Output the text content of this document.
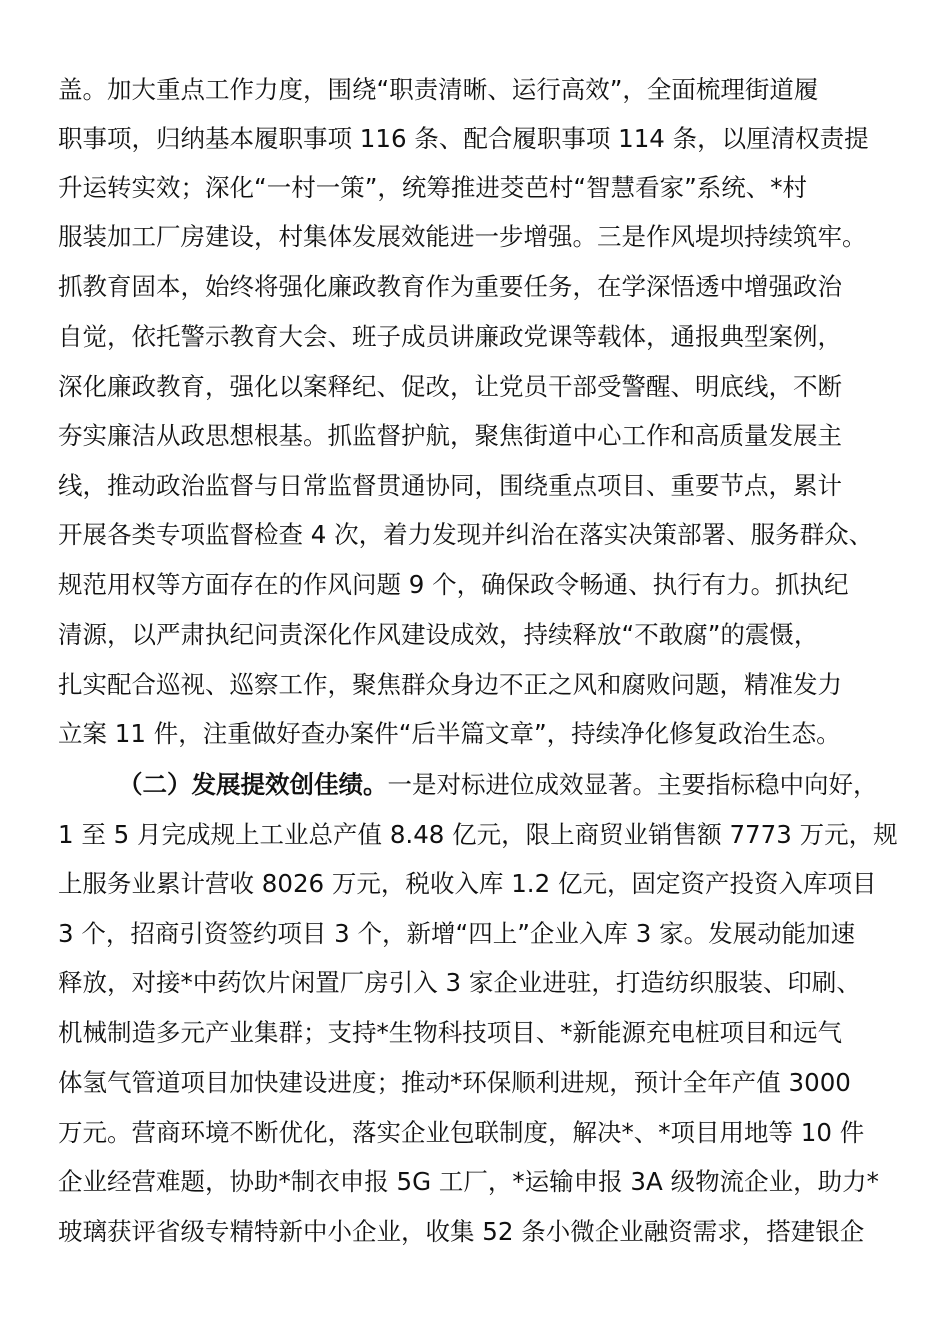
盖。加大重点工作力度，围绕“职责清晰、运行高效”，全面梳理街道履
职事项，归纳基本履职事项 116 条、配合履职事项 114 条，以厘清权责提
升运转实效；深化“一村一策”，统筹推进茭芭村“智慧看家”系统、*村
服装加工厂房建设，村集体发展效能进一步增强。三是作风堤坝持续筑牢。
抓教育固本，始终将强化廉政教育作为重要任务，在学深悟透中增强政治
自觉，依托警示教育大会、班子成员讲廉政党课等载体，通报典型案例，
深化廉政教育，强化以案释纪、促改，让党员干部受警醒、明底线，不断
夯实廉洁从政思想根基。抓监督护航，聚焦街道中心工作和高质量发展主
线，推动政治监督与日常监督贯通协同，围绕重点项目、重要节点，累计
开展各类专项监督检查 4 次，着力发现并纠治在落实决策部署、服务群众、
规范用权等方面存在的作风问题 9 个，确保政令畅通、执行有力。抓执纪
清源，以严肃执纪问责深化作风建设成效，持续释放“不敢腐”的震慑，
扎实配合巡视、巡察工作，聚焦群众身边不正之风和腐败问题，精准发力
立案 11 件，注重做好查办案件“后半篇文章”，持续净化修复政治生态。
（二）发展提效创佳绩。一是对标进位成效显著。主要指标稳中向好，
1 至 5 月完成规上工业总产值 8.48 亿元，限上商贸业销售额 7773 万元，规
上服务业累计营收 8026 万元，税收入库 1.2 亿元，固定资产投资入库项目
3 个，招商引资签约项目 3 个，新增“四上”企业入库 3 家。发展动能加速
释放，对接*中药饮片闲置厂房引入 3 家企业进驻，打造纺织服装、印刷、
机械制造多元产业集群；支持*生物科技项目、*新能源充电桩项目和远气
体氢气管道项目加快建设进度；推动*环保顺利进规，预计全年产值 3000
万元。营商环境不断优化，落实企业包联制度，解决*、*项目用地等 10 件
企业经营难题，协助*制衣申报 5G 工厂，*运输申报 3A 级物流企业，助力*
玻璃获评省级专精特新中小企业，收集 52 条小微企业融资需求，搭建银企
